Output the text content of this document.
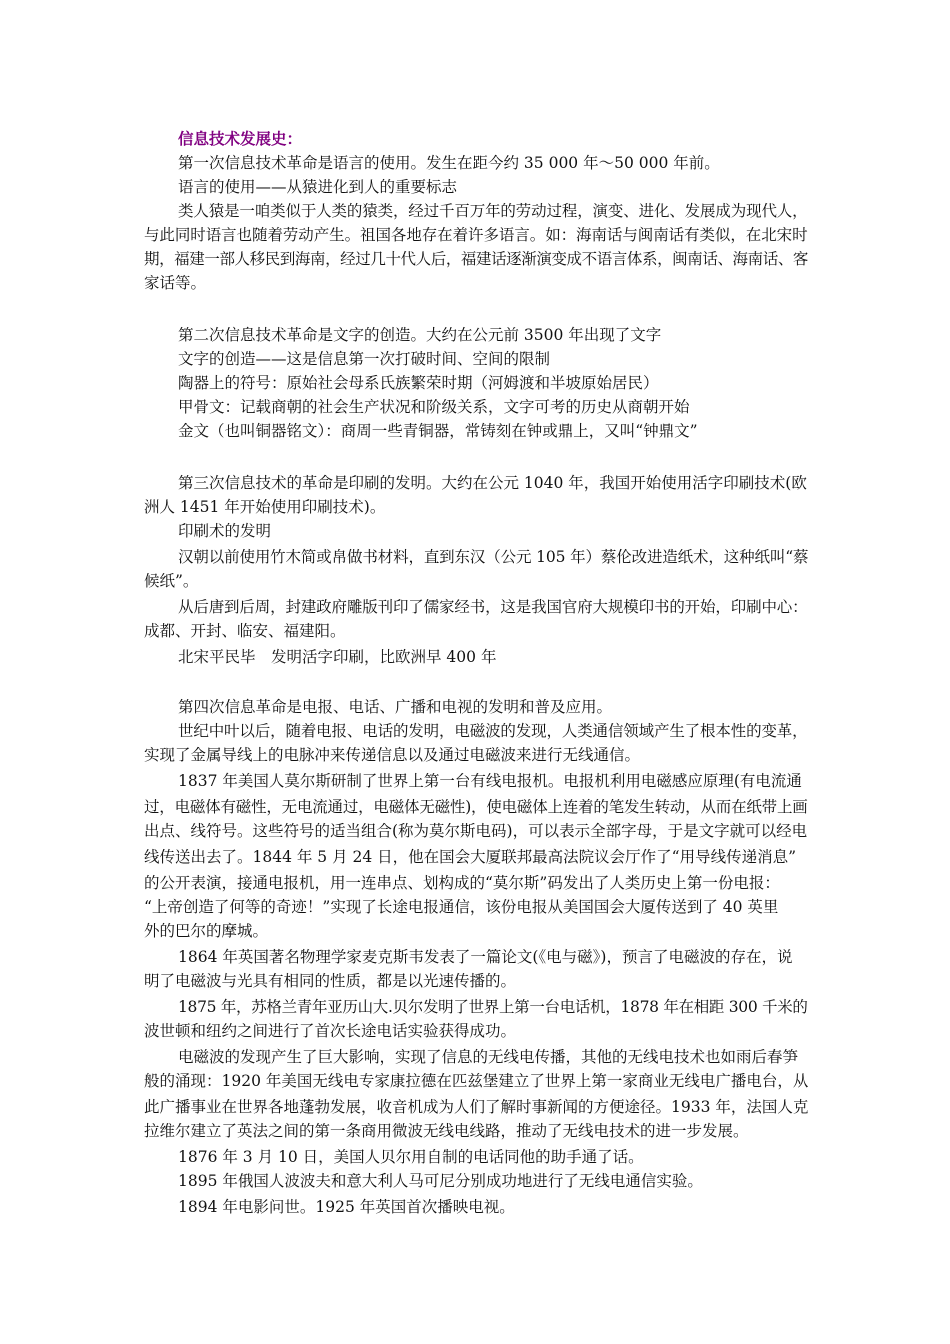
信息技术发展史：
第一次信息技术革命是语言的使用。发生在距今约 35 000 年～50 000 年前。
语言的使用——从猿进化到人的重要标志
类人猿是一咱类似于人类的猿类，经过千百万年的劳动过程，演变、进化、发展成为现代人，
与此同时语言也随着劳动产生。祖国各地存在着许多语言。如：海南话与闽南话有类似，在北宋时
期，福建一部人移民到海南，经过几十代人后，福建话逐渐演变成不语言体系，闽南话、海南话、客
家话等。
第二次信息技术革命是文字的创造。大约在公元前 3500 年出现了文字
文字的创造——这是信息第一次打破时间、空间的限制
陶器上的符号：原始社会母系氏族繁荣时期（河姆渡和半坡原始居民）
甲骨文：记载商朝的社会生产状况和阶级关系，文字可考的历史从商朝开始
金文（也叫铜器铭文）：商周一些青铜器，常铸刻在钟或鼎上，又叫“钟鼎文”
第三次信息技术的革命是印刷的发明。大约在公元 1040 年，我国开始使用活字印刷技术(欧
洲人 1451 年开始使用印刷技术)。
印刷术的发明
汉朝以前使用竹木简或帛做书材料，直到东汉（公元 105 年）蔡伦改进造纸术，这种纸叫“蔡
候纸”。
从后唐到后周，封建政府雕版刊印了儒家经书，这是我国官府大规模印书的开始，印刷中心：
成都、开封、临安、福建阳。
北宋平民毕　发明活字印刷，比欧洲早 400 年
第四次信息革命是电报、电话、广播和电视的发明和普及应用。
世纪中叶以后，随着电报、电话的发明，电磁波的发现，人类通信领域产生了根本性的变革，
实现了金属导线上的电脉冲来传递信息以及通过电磁波来进行无线通信。
1837 年美国人莫尔斯研制了世界上第一台有线电报机。电报机利用电磁感应原理(有电流通
过，电磁体有磁性，无电流通过，电磁体无磁性)，使电磁体上连着的笔发生转动，从而在纸带上画
出点、线符号。这些符号的适当组合(称为莫尔斯电码)，可以表示全部字母，于是文字就可以经电
线传送出去了。1844 年 5 月 24 日，他在国会大厦联邦最高法院议会厅作了“用导线传递消息”
的公开表演，接通电报机，用一连串点、划构成的“莫尔斯”码发出了人类历史上第一份电报：
“上帝创造了何等的奇迹！”实现了长途电报通信，该份电报从美国国会大厦传送到了 40 英里
外的巴尔的摩城。
1864 年英国著名物理学家麦克斯韦发表了一篇论文(《电与磁》)，预言了电磁波的存在，说
明了电磁波与光具有相同的性质，都是以光速传播的。
1875 年，苏格兰青年亚历山大.贝尔发明了世界上第一台电话机，1878 年在相距 300 千米的
波世顿和纽约之间进行了首次长途电话实验获得成功。
电磁波的发现产生了巨大影响，实现了信息的无线电传播，其他的无线电技术也如雨后春笋
般的涌现：1920 年美国无线电专家康拉德在匹兹堡建立了世界上第一家商业无线电广播电台，从
此广播事业在世界各地蓬勃发展，收音机成为人们了解时事新闻的方便途径。1933 年，法国人克
拉维尔建立了英法之间的第一条商用微波无线电线路，推动了无线电技术的进一步发展。
1876 年 3 月 10 日，美国人贝尔用自制的电话同他的助手通了话。
1895 年俄国人波波夫和意大利人马可尼分别成功地进行了无线电通信实验。
1894 年电影问世。1925 年英国首次播映电视。
